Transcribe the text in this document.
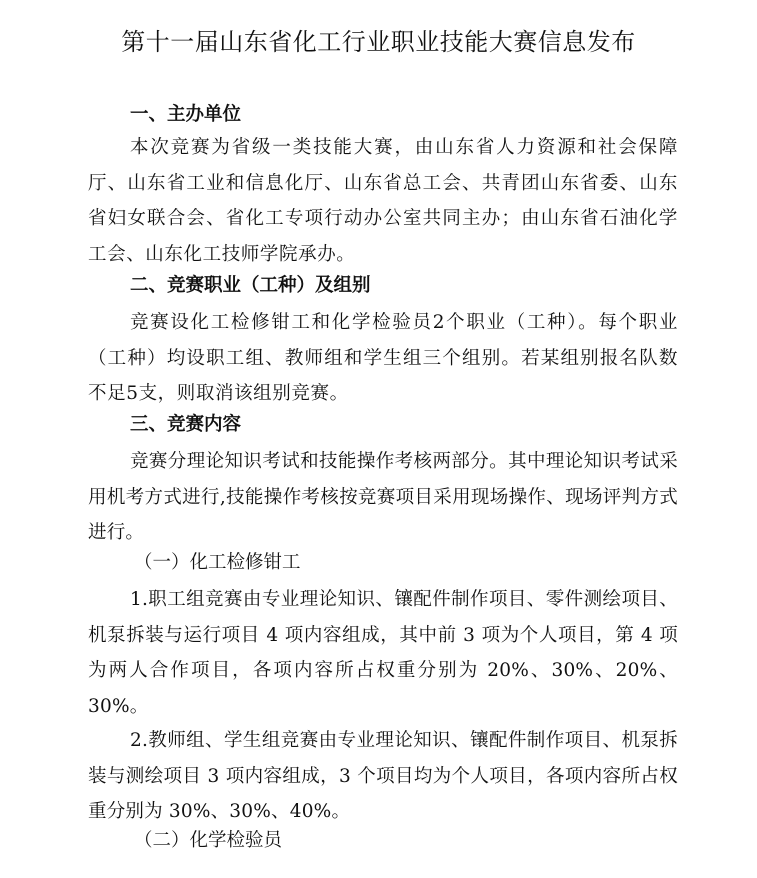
第十一届山东省化工行业职业技能大赛信息发布
一、主办单位

本次竞赛为省级一类技能大赛，由山东省人力资源和社会保障厅、山东省工业和信息化厅、山东省总工会、共青团山东省委、山东省妇女联合会、省化工专项行动办公室共同主办；由山东省石油化学工会、山东化工技师学院承办。

二、竞赛职业（工种）及组别

竞赛设化工检修钳工和化学检验员2个职业（工种）。每个职业（工种）均设职工组、教师组和学生组三个组别。若某组别报名队数不足5支，则取消该组别竞赛。

三、竞赛内容

竞赛分理论知识考试和技能操作考核两部分。其中理论知识考试采用机考方式进行,技能操作考核按竞赛项目采用现场操作、现场评判方式进行。

（一）化工检修钳工

1.职工组竞赛由专业理论知识、镶配件制作项目、零件测绘项目、机泵拆装与运行项目 4 项内容组成，其中前 3 项为个人项目，第 4 项为两人合作项目，各项内容所占权重分别为 20%、30%、20%、30%。

2.教师组、学生组竞赛由专业理论知识、镶配件制作项目、机泵拆装与测绘项目 3 项内容组成，3 个项目均为个人项目，各项内容所占权重分别为 30%、30%、40%。

（二）化学检验员
